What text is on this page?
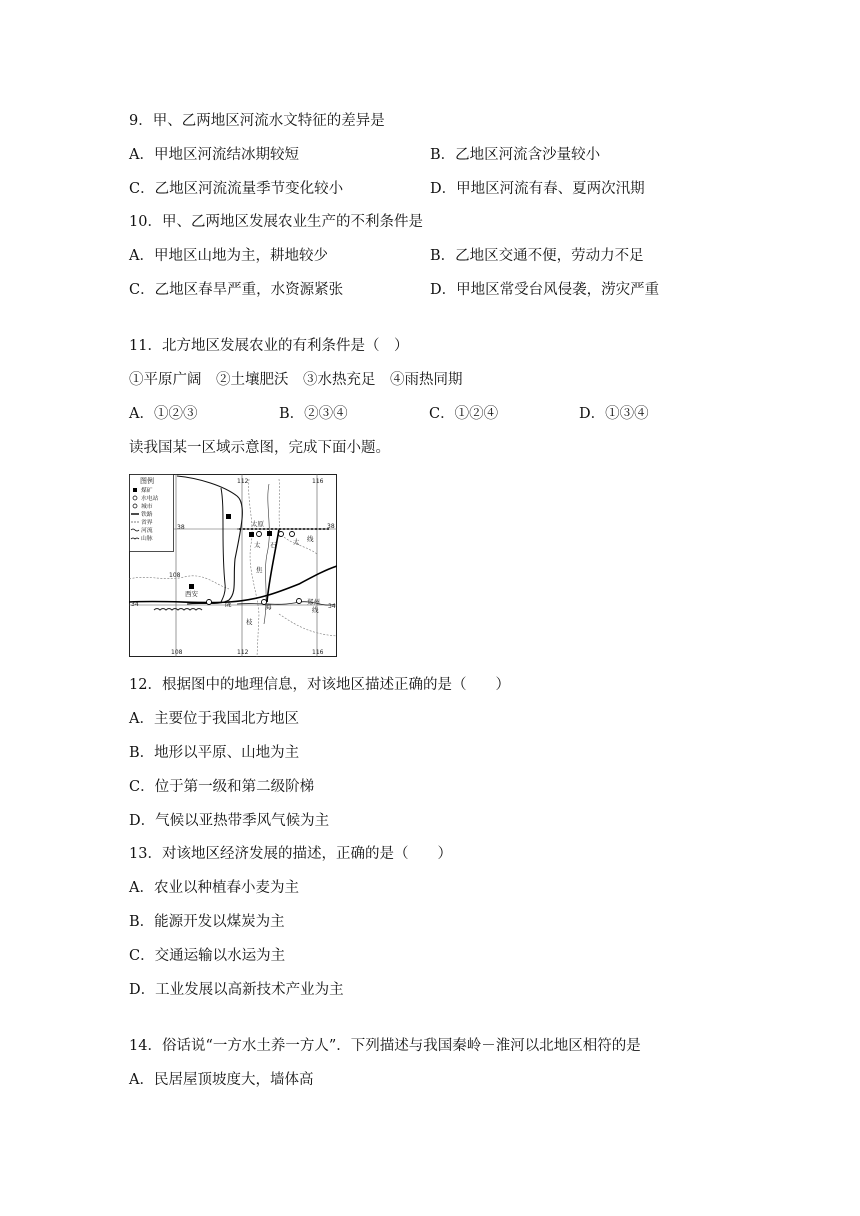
9．甲、乙两地区河流水文特征的差异是
A．甲地区河流结冰期较短	B．乙地区河流含沙量较小
C．乙地区河流流量季节变化较小	D．甲地区河流有春、夏两次汛期
10．甲、乙两地区发展农业生产的不利条件是
A．甲地区山地为主，耕地较少	B．乙地区交通不便，劳动力不足
C．乙地区春旱严重，水资源紧张	D．甲地区常受台风侵袭，涝灾严重
11．北方地区发展农业的有利条件是（　）
①平原广阔　②土壤肥沃　③水热充足　④雨热同期
A．①②③	B．②③④	C．①②④	D．①③④
读我国某一区域示意图，完成下面小题。
112	116
108
108	112	116
38	38
34	34
太原
西安
郑州
太 石	太 线
焦
陇	海	线
枝
图例
煤矿
水电站
城市
铁路
省界
河流
山脉
12．根据图中的地理信息，对该地区描述正确的是（　　）
A．主要位于我国北方地区
B．地形以平原、山地为主
C．位于第一级和第二级阶梯
D．气候以亚热带季风气候为主
13．对该地区经济发展的描述，正确的是（　　）
A．农业以种植春小麦为主
B．能源开发以煤炭为主
C．交通运输以水运为主
D．工业发展以高新技术产业为主
14．俗话说“一方水土养一方人”．下列描述与我国秦岭－淮河以北地区相符的是
A．民居屋顶坡度大，墙体高
